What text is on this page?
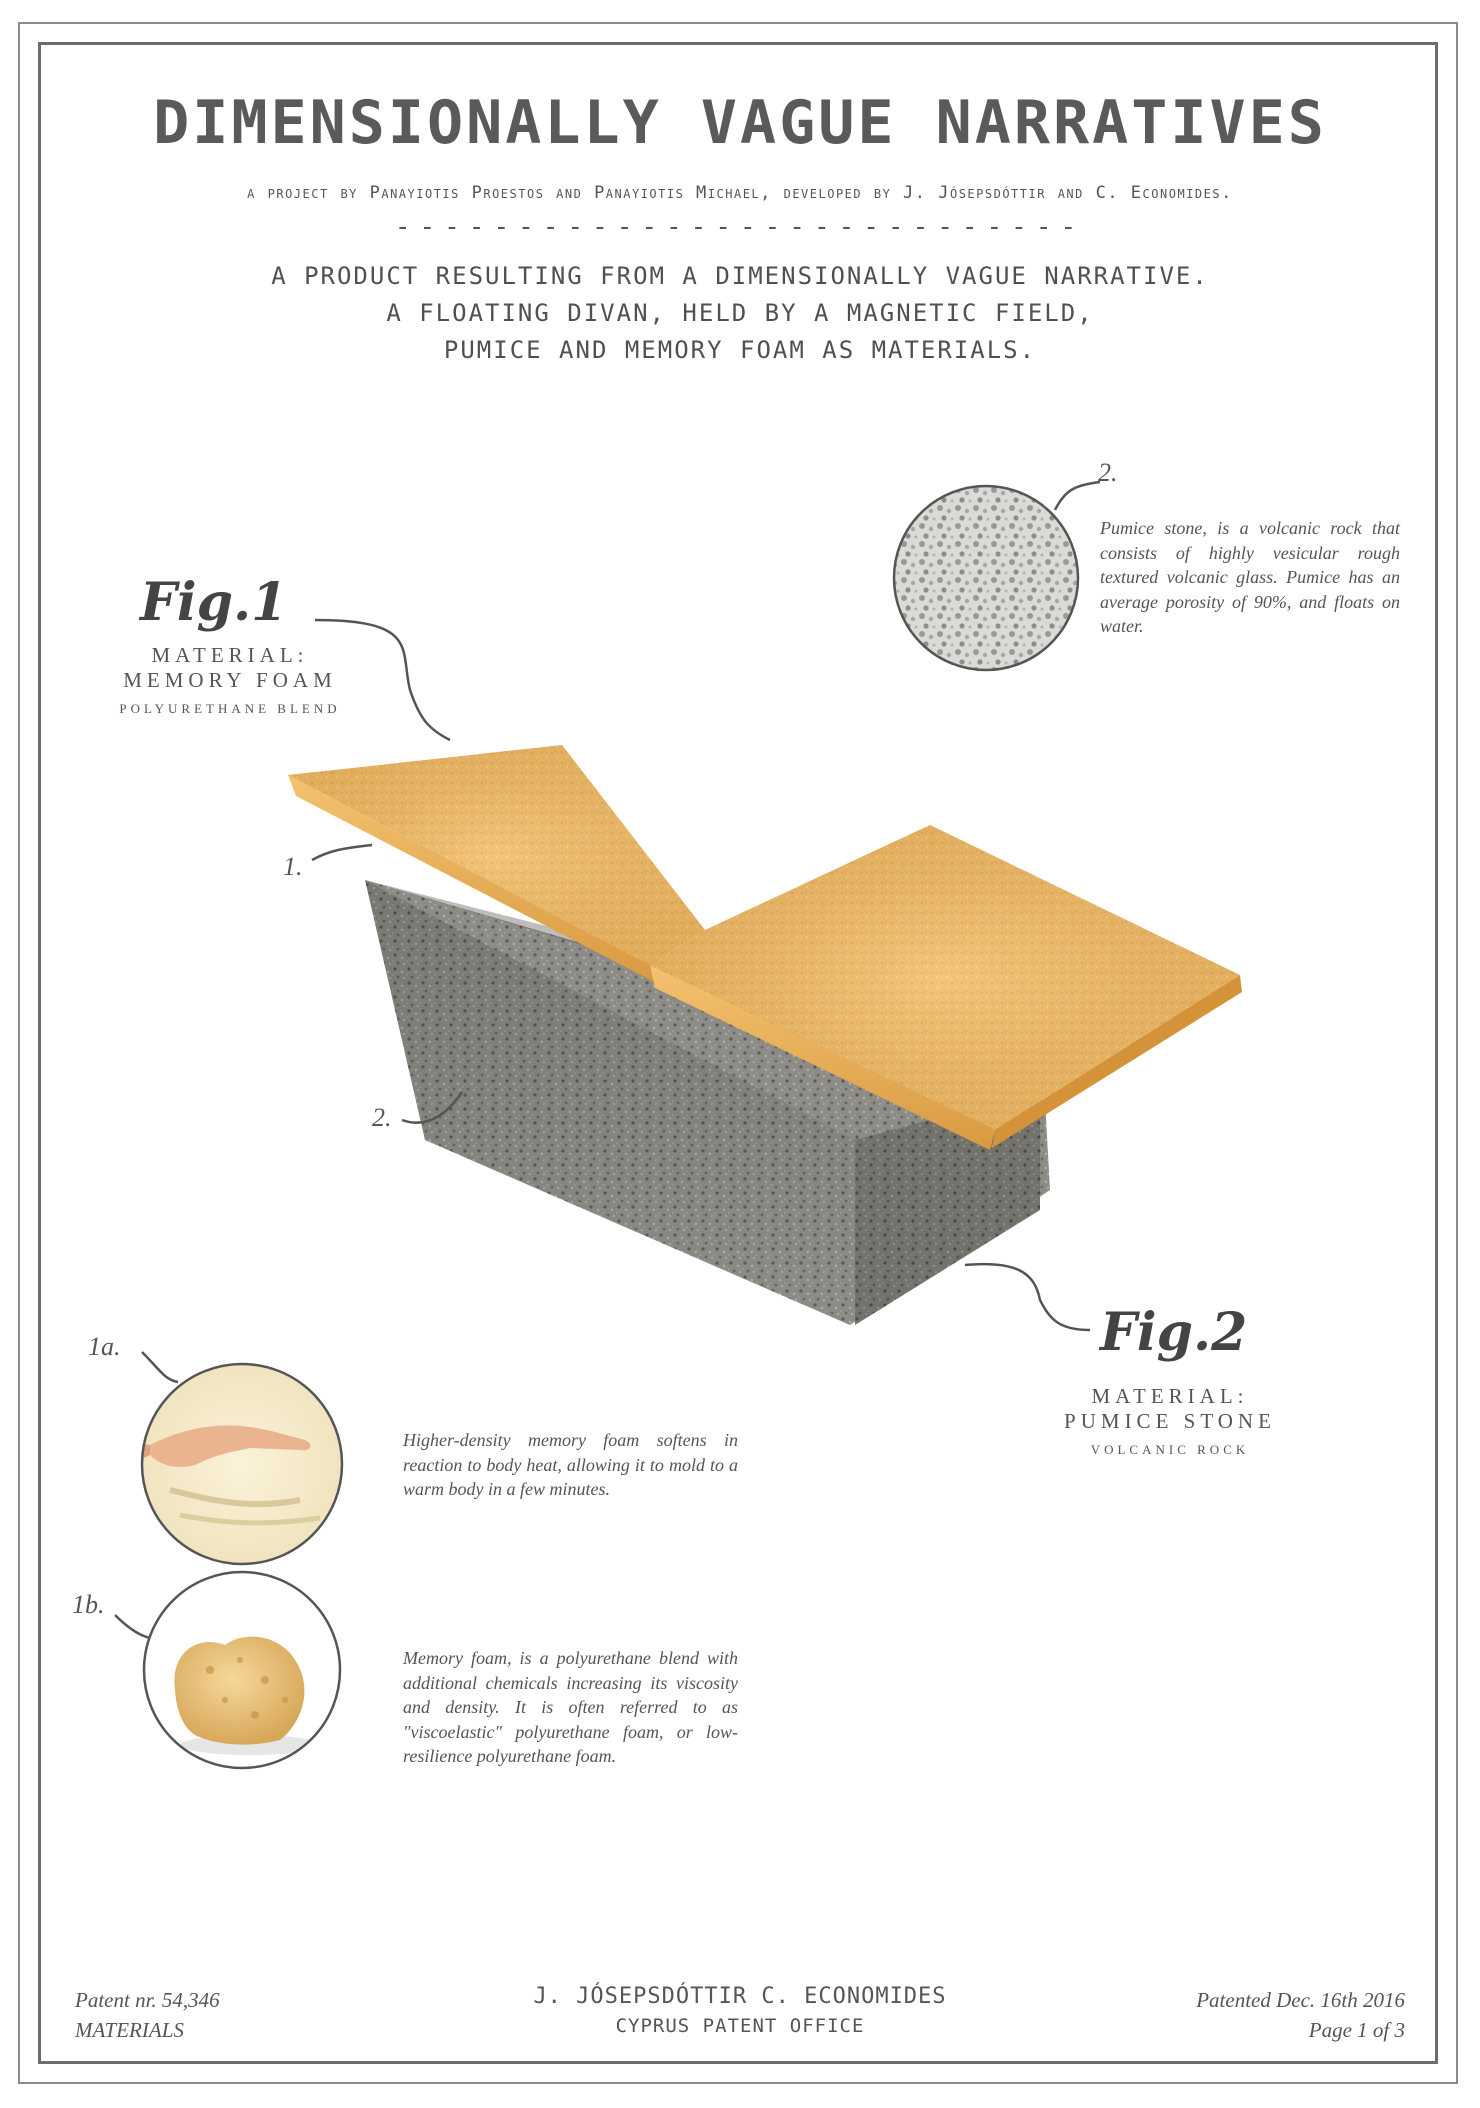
DIMENSIONALLY VAGUE NARRATIVES
a project by Panayiotis Proestos and Panayiotis Michael, developed by J. Jósepsdóttir and C. Economides.
----------------------------
A PRODUCT RESULTING FROM A DIMENSIONALLY VAGUE NARRATIVE.
A FLOATING DIVAN, HELD BY A MAGNETIC FIELD,
PUMICE AND MEMORY FOAM AS MATERIALS.
Fig.1
MATERIAL:
MEMORY FOAM
POLYURETHANE BLEND
Fig.2
MATERIAL:
PUMICE STONE
VOLCANIC ROCK
1.
2.
2.
1a.
1b.
Pumice stone, is a volcanic rock that consists of highly vesicular rough textured volcanic glass. Pumice has an average porosity of 90%, and floats on water.
Higher-density memory foam softens in reaction to body heat, allowing it to mold to a warm body in a few minutes.
Memory foam, is a polyurethane blend with additional chemicals increasing its viscosity and density. It is often referred to as "viscoelastic" polyurethane foam, or low-resilience polyurethane foam.
Patent nr. 54,346
MATERIALS
J. JÓSEPSDÓTTIR C. ECONOMIDES
CYPRUS PATENT OFFICE
Patented Dec. 16th 2016
Page 1 of 3
